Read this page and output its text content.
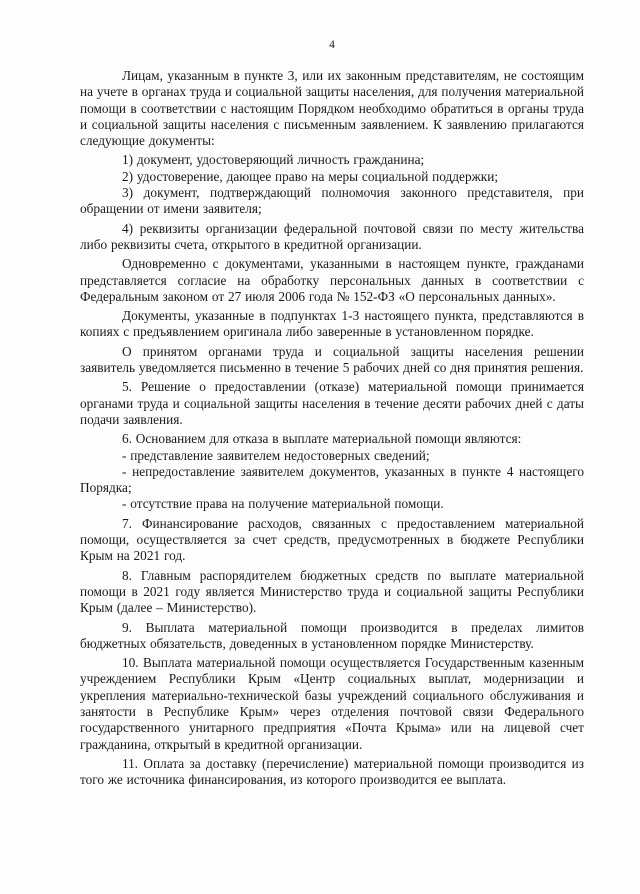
4

Лицам, указанным в пункте 3, или их законным представителям, не состоящим на учете в органах труда и социальной защиты населения, для получения материальной помощи в соответствии с настоящим Порядком необходимо обратиться в органы труда и социальной защиты населения с письменным заявлением. К заявлению прилагаются следующие документы:

1) документ, удостоверяющий личность гражданина;

2) удостоверение, дающее право на меры социальной поддержки;

3) документ, подтверждающий полномочия законного представителя, при обращении от имени заявителя;

4) реквизиты организации федеральной почтовой связи по месту жительства либо реквизиты счета, открытого в кредитной организации.

Одновременно с документами, указанными в настоящем пункте, гражданами представляется согласие на обработку персональных данных в соответствии с Федеральным законом от 27 июля 2006 года № 152-ФЗ «О персональных данных».

Документы, указанные в подпунктах 1-3 настоящего пункта, представляются в копиях с предъявлением оригинала либо заверенные в установленном порядке.

О принятом органами труда и социальной защиты населения решении заявитель уведомляется письменно в течение 5 рабочих дней со дня принятия решения.

5. Решение о предоставлении (отказе) материальной помощи принимается органами труда и социальной защиты населения в течение десяти рабочих дней с даты подачи заявления.

6. Основанием для отказа в выплате материальной помощи являются:

- представление заявителем недостоверных сведений;

- непредоставление заявителем документов, указанных в пункте 4 настоящего Порядка;

- отсутствие права на получение материальной помощи.

7. Финансирование расходов, связанных с предоставлением материальной помощи, осуществляется за счет средств, предусмотренных в бюджете Республики Крым на 2021 год.

8. Главным распорядителем бюджетных средств по выплате материальной помощи в 2021 году является Министерство труда и социальной защиты Республики Крым (далее – Министерство).

9. Выплата материальной помощи производится в пределах лимитов бюджетных обязательств, доведенных в установленном порядке Министерству.

10. Выплата материальной помощи осуществляется Государственным казенным учреждением Республики Крым «Центр социальных выплат, модернизации и укрепления материально-технической базы учреждений социального обслуживания и занятости в Республике Крым» через отделения почтовой связи Федерального государственного унитарного предприятия «Почта Крыма» или на лицевой счет гражданина, открытый в кредитной организации.

11. Оплата за доставку (перечисление) материальной помощи производится из того же источника финансирования, из которого производится ее выплата.
